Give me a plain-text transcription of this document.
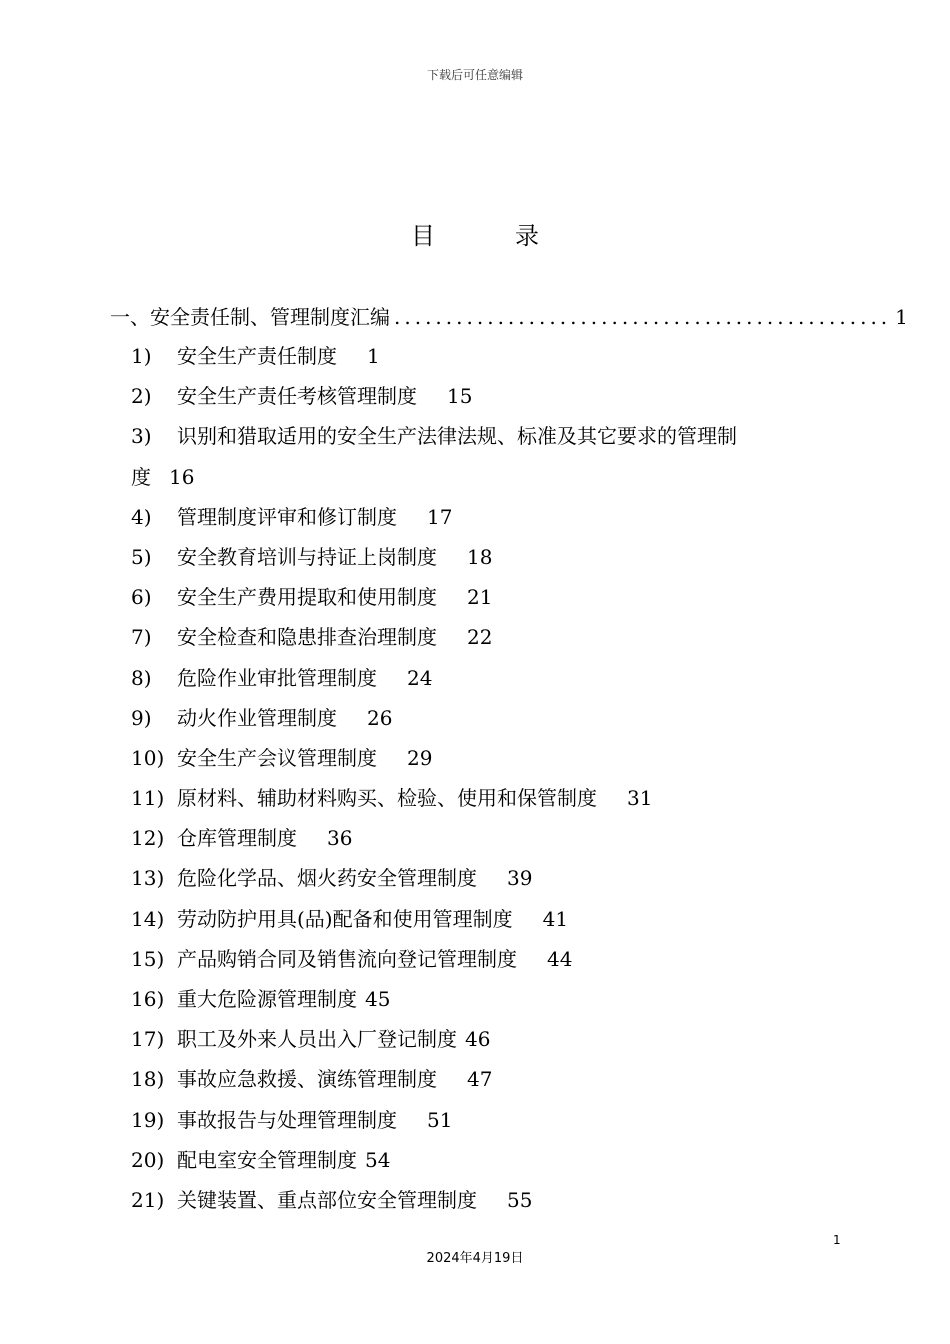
下载后可任意编辑
目	录
一、安全责任制、管理制度汇编 ................................................ 1
1) 安全生产责任制度 1
2) 安全生产责任考核管理制度 15
3) 识别和猎取适用的安全生产法律法规、标准及其它要求的管理制
度 16
4) 管理制度评审和修订制度 17
5) 安全教育培训与持证上岗制度 18
6) 安全生产费用提取和使用制度 21
7) 安全检查和隐患排查治理制度 22
8) 危险作业审批管理制度 24
9) 动火作业管理制度 26
10) 安全生产会议管理制度 29
11) 原材料、辅助材料购买、检验、使用和保管制度 31
12) 仓库管理制度 36
13) 危险化学品、烟火药安全管理制度 39
14) 劳动防护用具(品)配备和使用管理制度 41
15) 产品购销合同及销售流向登记管理制度 44
16) 重大危险源管理制度 45
17) 职工及外来人员出入厂登记制度 46
18) 事故应急救援、演练管理制度 47
19) 事故报告与处理管理制度 51
20) 配电室安全管理制度 54
21) 关键装置、重点部位安全管理制度 55
1
2024年4月19日
